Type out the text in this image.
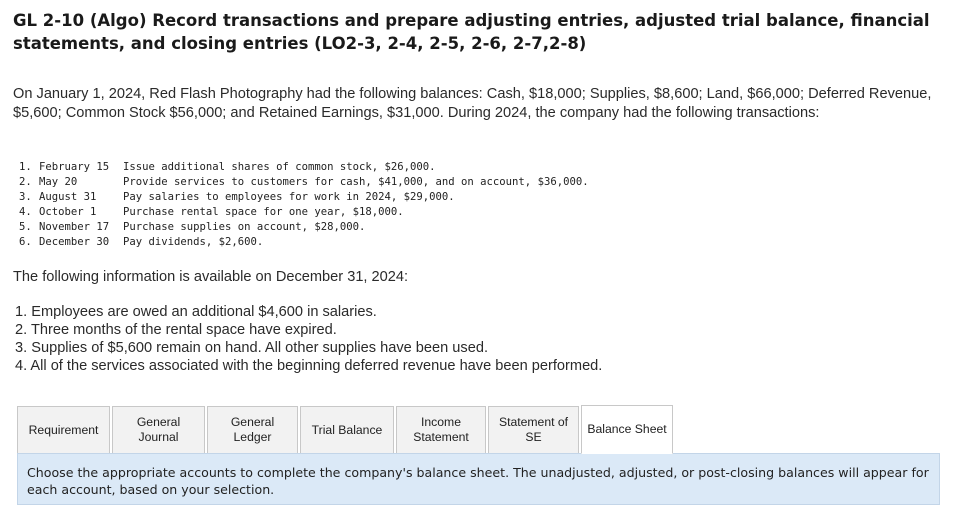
GL 2-10 (Algo) Record transactions and prepare adjusting entries, adjusted trial balance, financial statements, and closing entries (LO2-3, 2-4, 2-5, 2-6, 2-7,2-8)

On January 1, 2024, Red Flash Photography had the following balances: Cash, $18,000; Supplies, $8,600; Land, $66,000; Deferred Revenue, $5,600; Common Stock $56,000; and Retained Earnings, $31,000. During 2024, the company had the following transactions:

1. February 15 Issue additional shares of common stock, $26,000.
2. May 20	Provide services to customers for cash, $41,000, and on account, $36,000.
3. August 31	Pay salaries to employees for work in 2024, $29,000.
4. October 1	Purchase rental space for one year, $18,000.
5. November 17 Purchase supplies on account, $28,000.
6. December 30 Pay dividends, $2,600.

The following information is available on December 31, 2024:

1. Employees are owed an additional $4,600 in salaries.
2. Three months of the rental space have expired.
3. Supplies of $5,600 remain on hand. All other supplies have been used.
4. All of the services associated with the beginning deferred revenue have been performed.
Requirement
General
Journal
General
Ledger
Trial Balance
Income
Statement
Statement of
SE
Balance Sheet
Choose the appropriate accounts to complete the company's balance sheet. The unadjusted, adjusted, or post-closing balances will appear for each account, based on your selection.
